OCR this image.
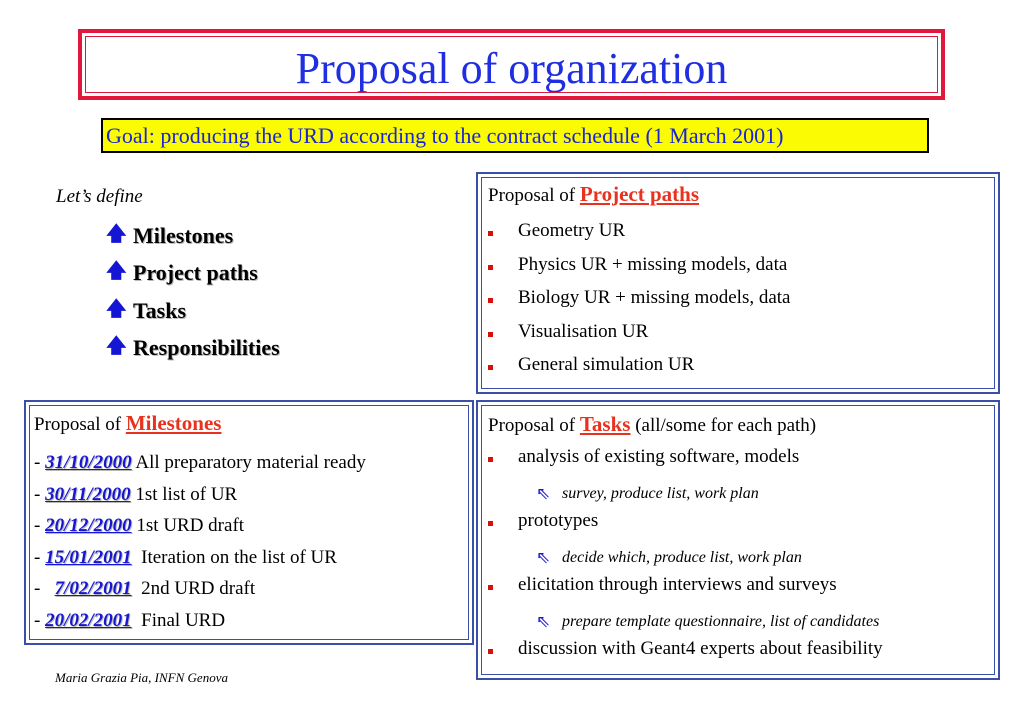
Proposal of organization
Goal: producing the URD according to the contract schedule (1 March 2001)
Let’s define
🡅 Milestones
🡅 Project paths
🡅 Tasks
🡅 Responsibilities
Proposal of Project paths
Geometry UR
Physics UR + missing models, data
Biology UR + missing models, data
Visualisation UR
General simulation UR
Proposal of Milestones
- 31/10/2000 All preparatory material ready
- 30/11/2000 1st list of UR
- 20/12/2000 1st URD draft
- 15/01/2001  Iteration on the list of UR
-   7/02/2001  2nd URD draft
- 20/02/2001  Final URD
Proposal of Tasks (all/some for each path)
analysis of existing software, models
⇖ survey, produce list, work plan
prototypes
⇖ decide which, produce list, work plan
elicitation through interviews and surveys
⇖ prepare template questionnaire, list of candidates
discussion with Geant4 experts about feasibility
Maria Grazia Pia, INFN Genova
